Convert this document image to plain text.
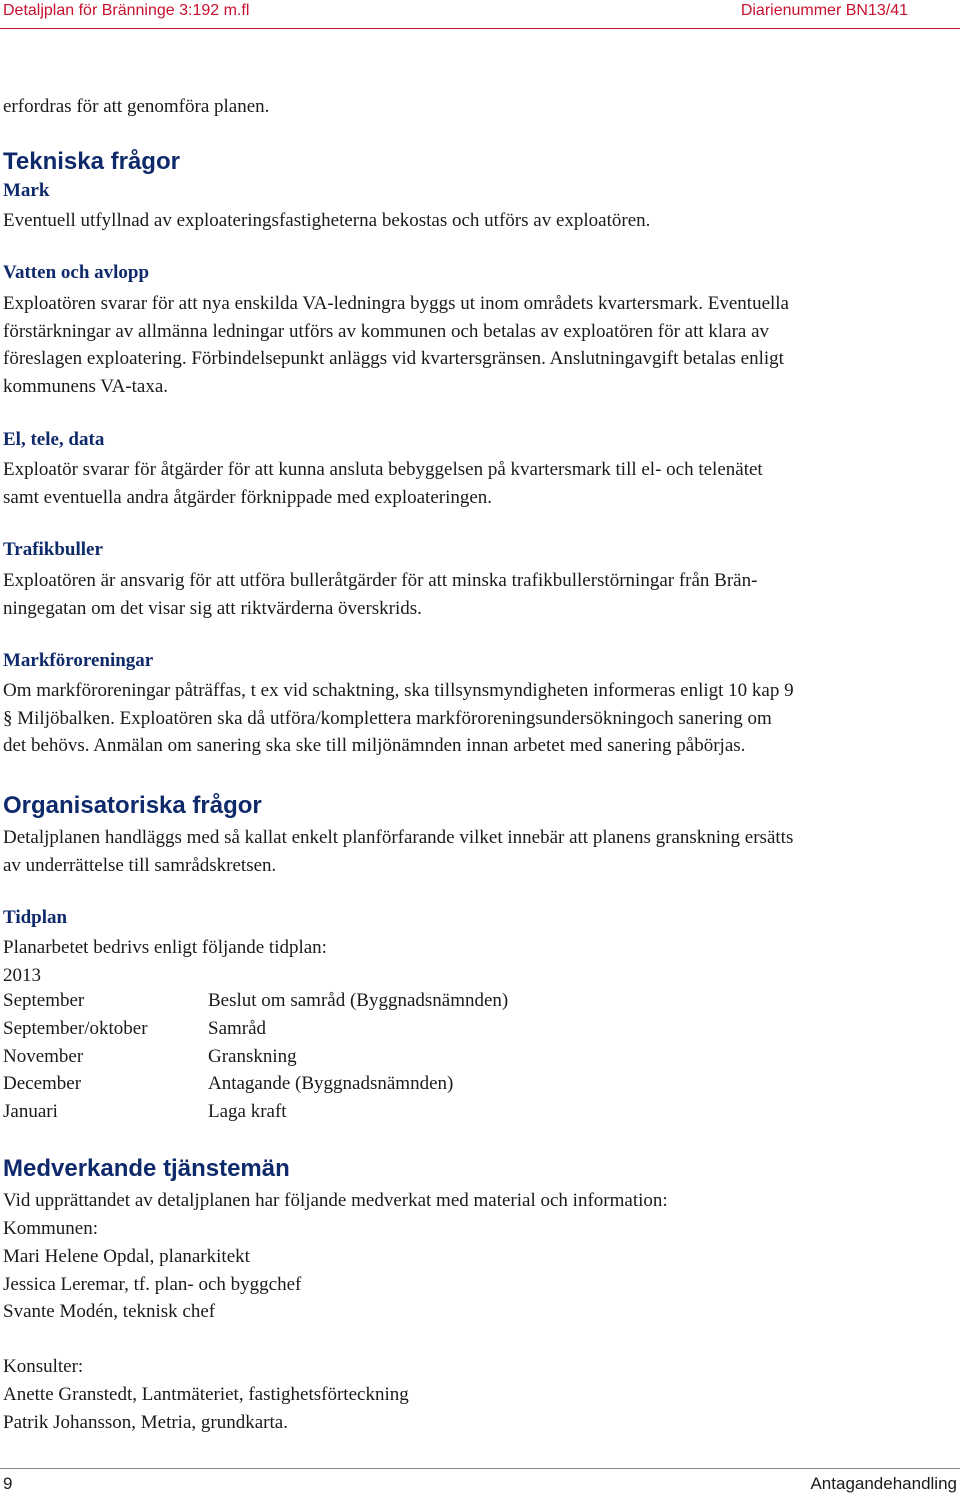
Detaljplan för Bränninge 3:192 m.fl	Diarienummer BN13/41
erfordras för att genomföra planen.
Tekniska frågor
Mark
Eventuell utfyllnad av exploateringsfastigheterna bekostas och utförs av exploatören.
Vatten och avlopp
Exploatören svarar för att nya enskilda VA-ledningra byggs ut inom områdets kvartersmark. Eventuella
förstärkningar av allmänna ledningar utförs av kommunen och betalas av exploatören för att klara av
föreslagen exploatering. Förbindelsepunkt anläggs vid kvartersgränsen. Anslutningavgift betalas enligt
kommunens VA-taxa.
El, tele, data
Exploatör svarar för åtgärder för att kunna ansluta bebyggelsen på kvartersmark till el- och telenätet
samt eventuella andra åtgärder förknippade med exploateringen.
Trafikbuller
Exploatören är ansvarig för att utföra bulleråtgärder för att minska trafikbullerstörningar från Brän-
ningegatan om det visar sig att riktvärderna överskrids.
Markföroreningar
Om markföroreningar påträffas, t ex vid schaktning, ska tillsynsmyndigheten informeras enligt 10 kap 9
§ Miljöbalken. Exploatören ska då utföra/komplettera markföroreningsundersökningoch sanering om
det behövs. Anmälan om sanering ska ske till miljönämnden innan arbetet med sanering påbörjas.
Organisatoriska frågor
Detaljplanen handläggs med så kallat enkelt planförfarande vilket innebär att planens granskning ersätts
av underrättelse till samrådskretsen.
Tidplan
Planarbetet bedrivs enligt följande tidplan:
2013
September	Beslut om samråd (Byggnadsnämnden)
September/oktober	Samråd
November	Granskning
December	Antagande (Byggnadsnämnden)
Januari	Laga kraft
Medverkande tjänstemän
Vid upprättandet av detaljplanen har följande medverkat med material och information:
Kommunen:
Mari Helene Opdal, planarkitekt
Jessica Leremar, tf. plan- och byggchef
Svante Modén, teknisk chef
Konsulter:
Anette Granstedt, Lantmäteriet, fastighetsförteckning
Patrik Johansson, Metria, grundkarta.
9	Antagandehandling
